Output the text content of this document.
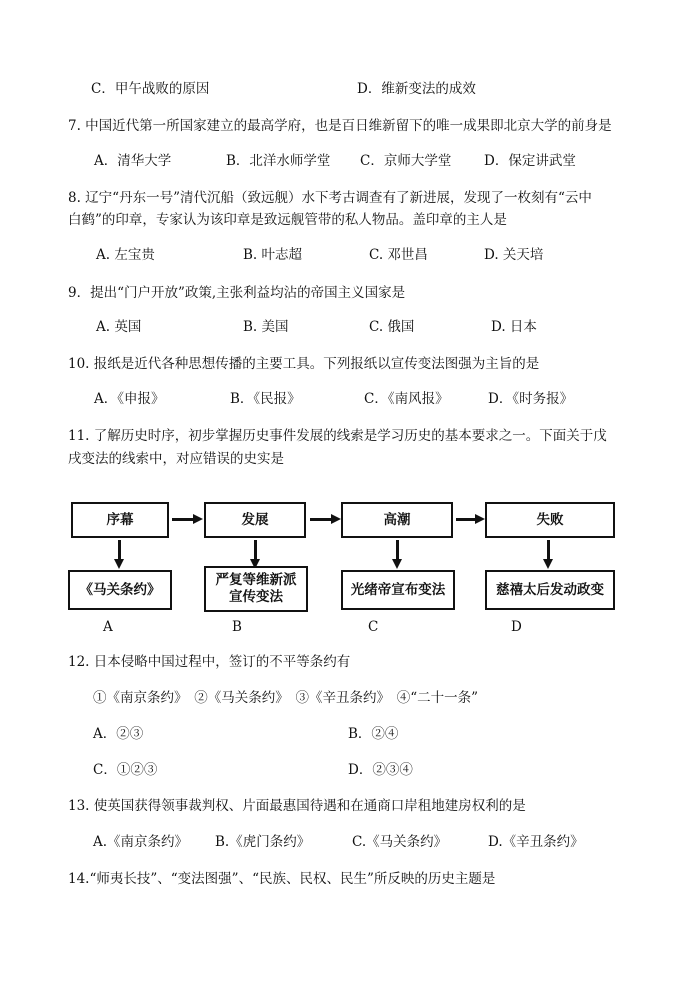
C．甲午战败的原因	D．维新变法的成效
7. 中国近代第一所国家建立的最高学府，也是百日维新留下的唯一成果即北京大学的前身是
A．清华大学	B．北洋水师学堂 C．京师大学堂 D．保定讲武堂
8. 辽宁“丹东一号”清代沉船（致远舰）水下考古调查有了新进展，发现了一枚刻有“云中
白鹤”的印章，专家认为该印章是致远舰管带的私人物品。盖印章的主人是
A. 左宝贵	B. 叶志超	C. 邓世昌	D. 关天培
9．提出“门户开放”政策,主张利益均沾的帝国主义国家是
A. 英国	B. 美国	C. 俄国	D. 日本
10. 报纸是近代各种思想传播的主要工具。下列报纸以宣传变法图强为主旨的是
A．《申报》	B．《民报》	C．《南风报》	D．《时务报》
11. 了解历史时序，初步掌握历史事件发展的线索是学习历史的基本要求之一。下面关于戊
戌变法的线索中，对应错误的史实是
序幕	发展	高潮	失败
《马关条约》
严复等维新派
宣传变法	光绪帝宣布变法	慈禧太后发动政变
A	B	C	D
12. 日本侵略中国过程中，签订的不平等条约有
①《南京条约》　②《马关条约》　③《辛丑条约》　④“二十一条”
A．②③	B．②④
C．①②③	D．②③④
13. 使英国获得领事裁判权、片面最惠国待遇和在通商口岸租地建房权利的是
A.《南京条约》 B.《虎门条约》	C.《马关条约》	D.《辛丑条约》
14.“师夷长技”、“变法图强”、“民族、民权、民生”所反映的历史主题是
